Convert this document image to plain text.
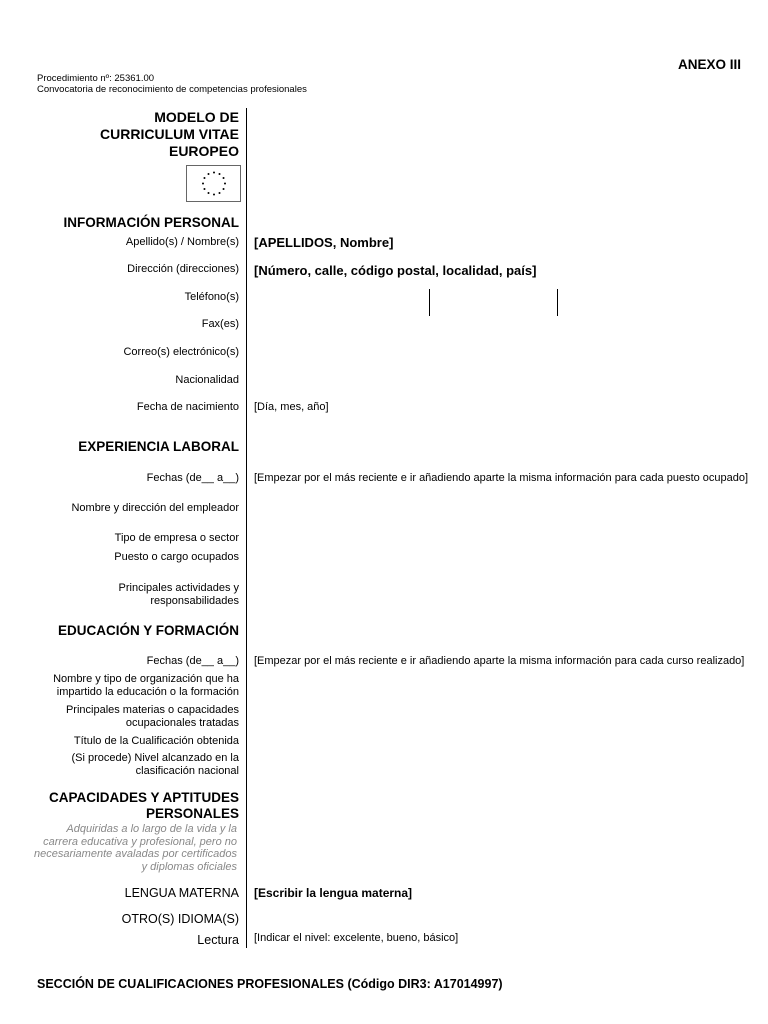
ANEXO III
Procedimiento nº: 25361.00
Convocatoria de reconocimiento de competencias profesionales
MODELO DE
CURRICULUM VITAE
EUROPEO
INFORMACIÓN PERSONAL
Apellido(s) / Nombre(s) [APELLIDOS, Nombre]
Dirección (direcciones) [Número, calle, código postal, localidad, país]
Teléfono(s)
Fax(es)
Correo(s) electrónico(s)
Nacionalidad
Fecha de nacimiento [Día, mes, año]
EXPERIENCIA LABORAL
Fechas (de__ a__) [Empezar por el más reciente e ir añadiendo aparte la misma información para cada puesto ocupado]
Nombre y dirección del empleador
Tipo de empresa o sector
Puesto o cargo ocupados
Principales actividades y
responsabilidades
EDUCACIÓN Y FORMACIÓN
Fechas (de__ a__) [Empezar por el más reciente e ir añadiendo aparte la misma información para cada curso realizado]
Nombre y tipo de organización que ha
impartido la educación o la formación
Principales materias o capacidades
ocupacionales tratadas
Título de la Cualificación obtenida
(Si procede) Nivel alcanzado en la
clasificación nacional
CAPACIDADES Y APTITUDES
PERSONALES
Adquiridas a lo largo de la vida y la
carrera educativa y profesional, pero no
necesariamente avaladas por certificados
y diplomas oficiales
LENGUA MATERNA [Escribir la lengua materna]
OTRO(S) IDIOMA(S)
Lectura [Indicar el nivel: excelente, bueno, básico]
SECCIÓN DE CUALIFICACIONES PROFESIONALES (Código DIR3: A17014997)
